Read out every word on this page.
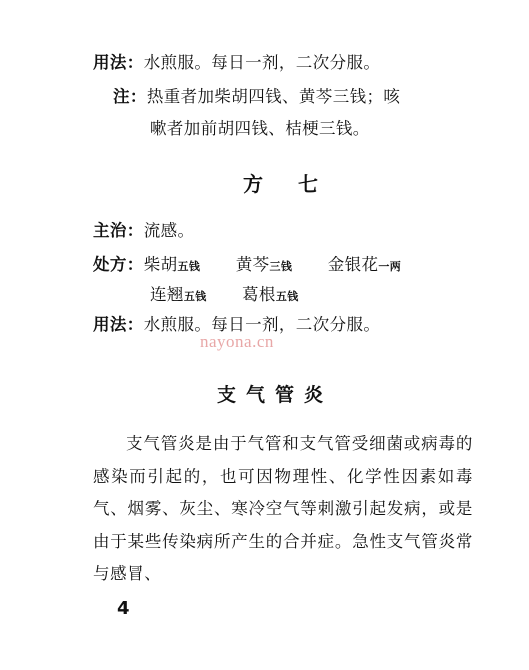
用法：水煎服。每日一剂，二次分服。
注：热重者加柴胡四钱、黄芩三钱；咳
嗽者加前胡四钱、桔梗三钱。
方 七
主治：流感。
处方：柴胡五钱 黄芩三钱 金银花一两
连翘五钱 葛根五钱
用法：水煎服。每日一剂，二次分服。
nayona.cn
支气管炎

支气管炎是由于气管和支气管受细菌或病毒的感染而引起的，也可因物理性、化学性因素如毒气、烟雾、灰尘、寒冷空气等刺激引起发病，或是由于某些传染病所产生的合并症。急性支气管炎常与感冒、

4
